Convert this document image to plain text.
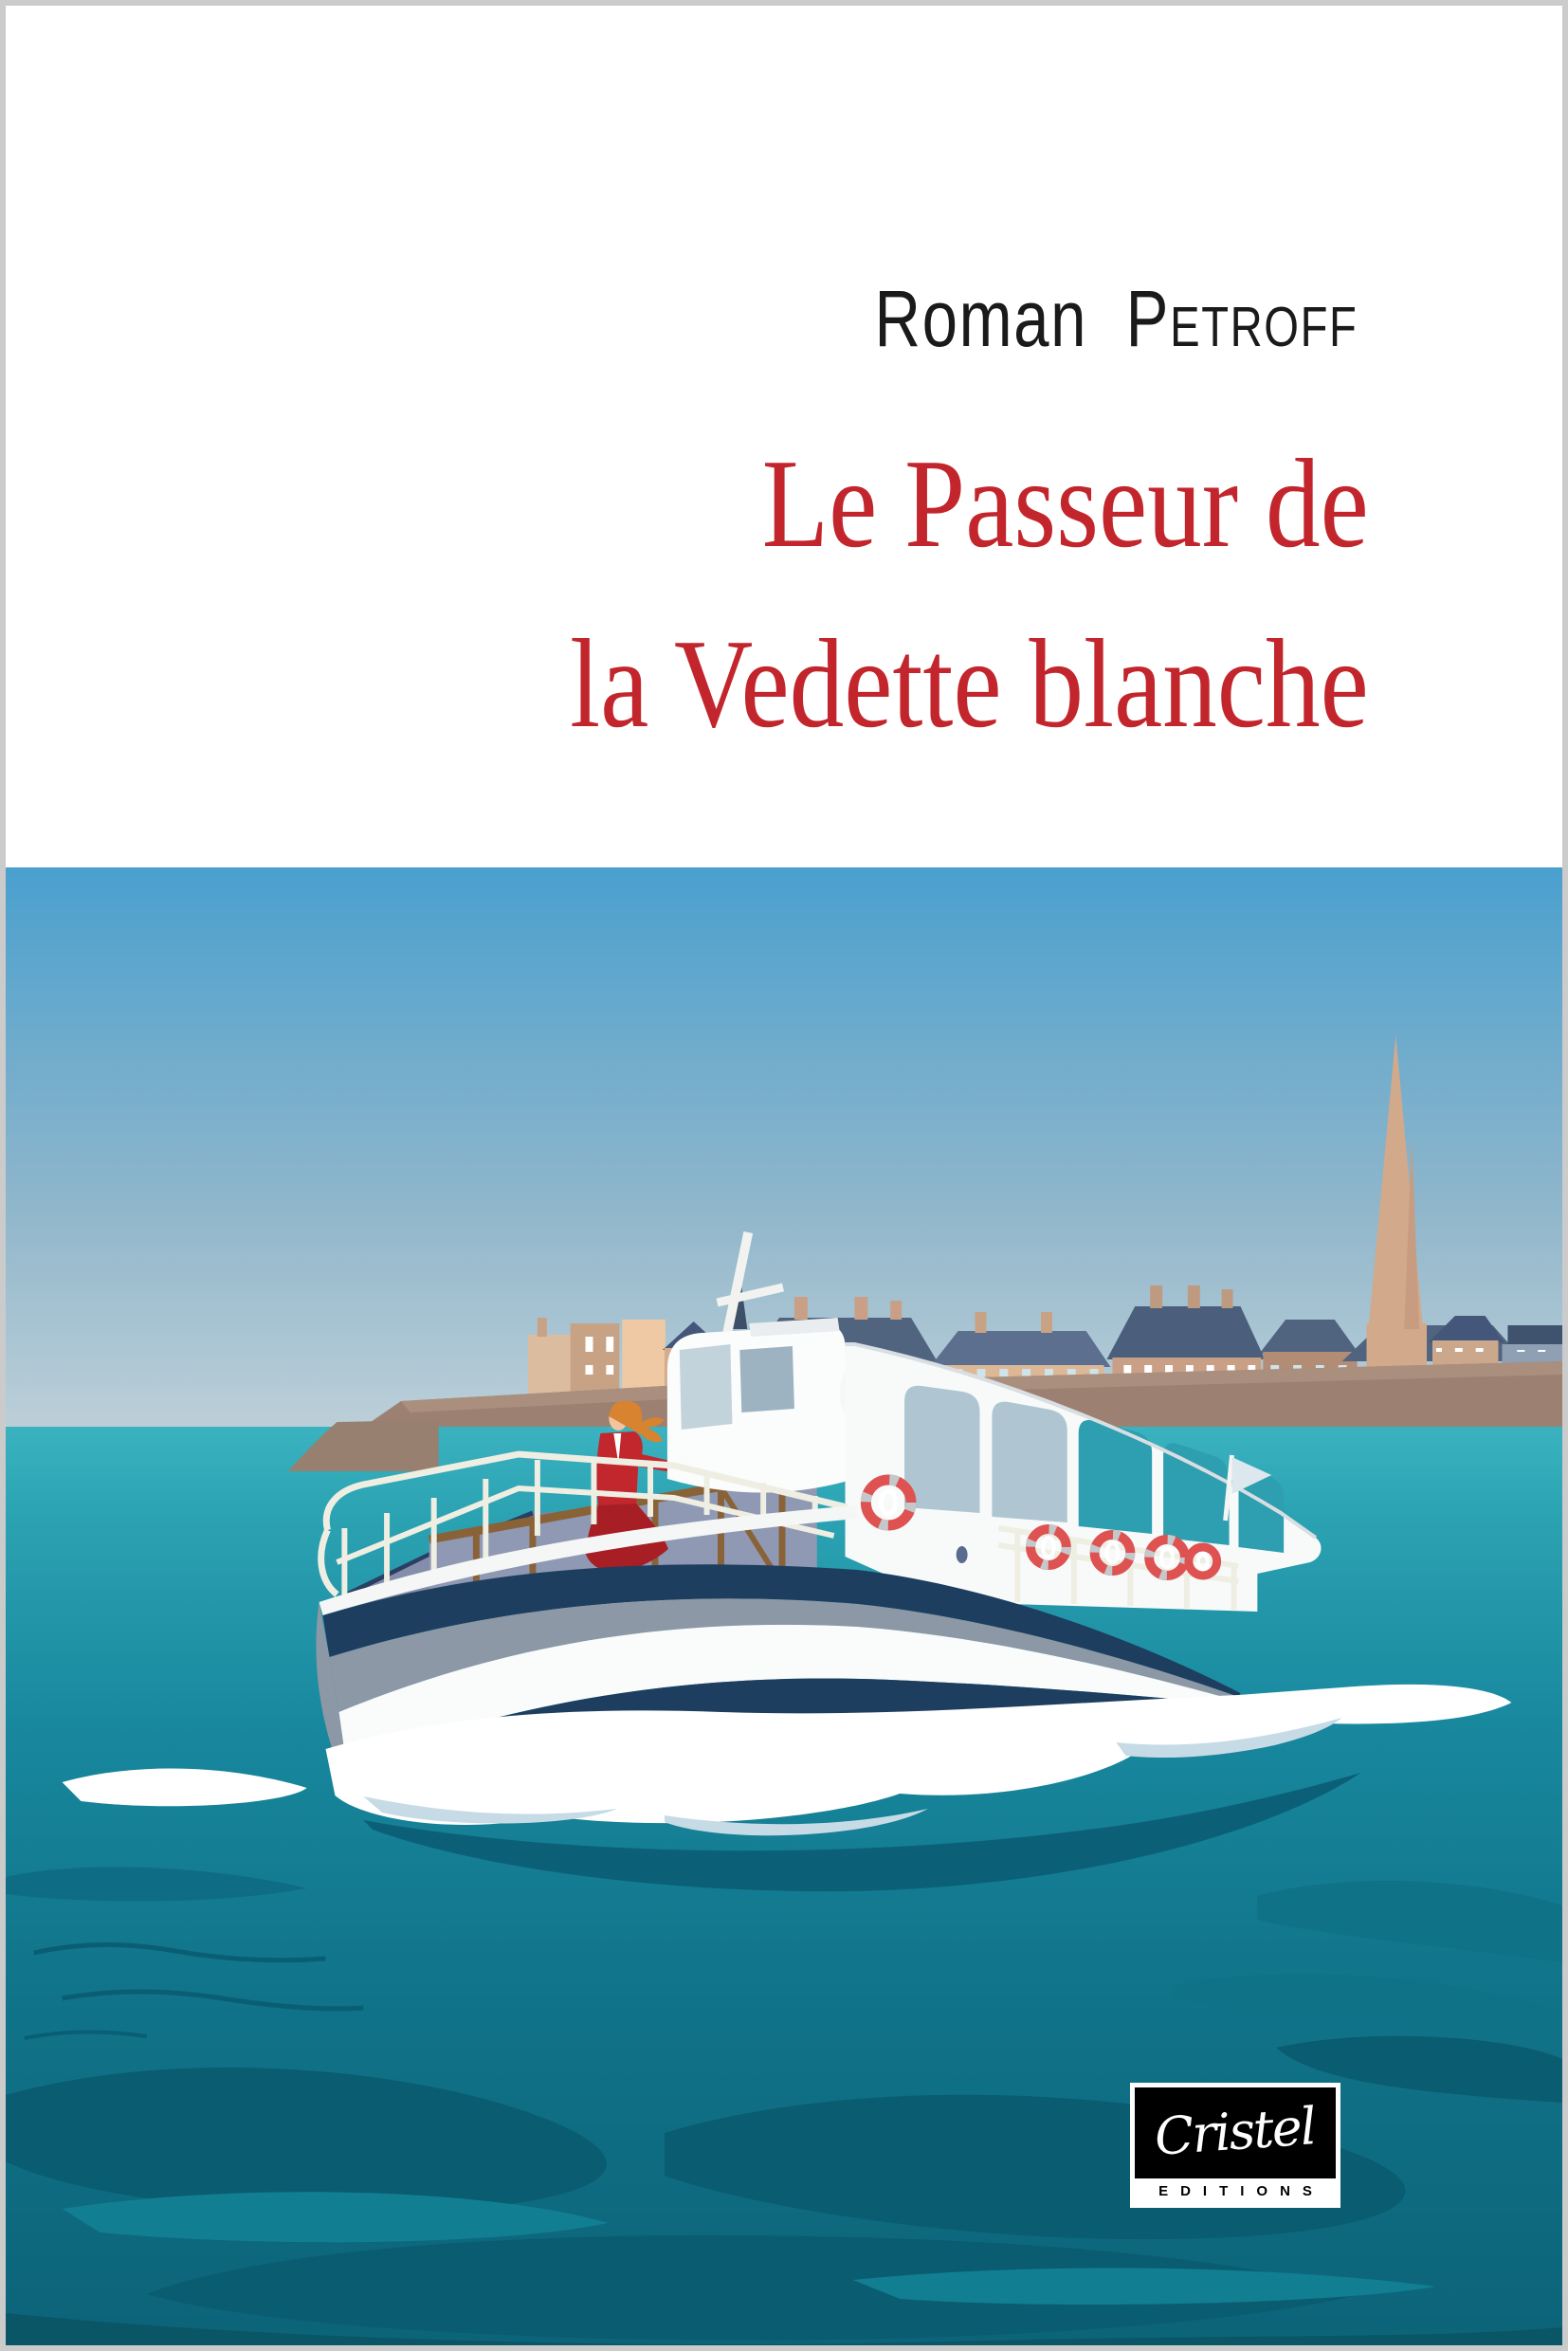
Roman Petroff
Le Passeur de
la Vedette blanche
Cristel
EDITIONS
